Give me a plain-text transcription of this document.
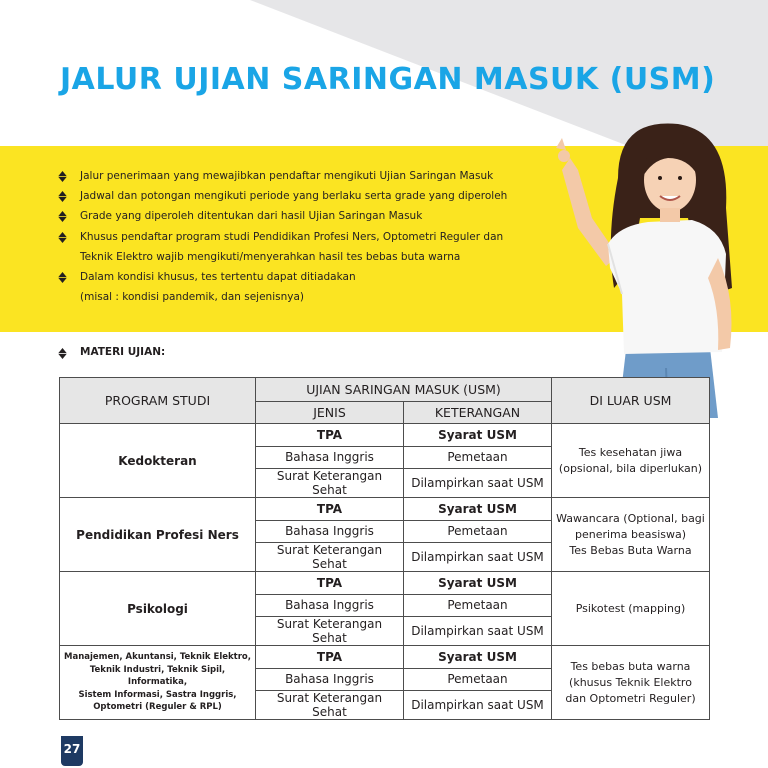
JALUR UJIAN SARINGAN MASUK (USM)
Jalur penerimaan yang mewajibkan pendaftar mengikuti Ujian Saringan Masuk
Jadwal dan potongan mengikuti periode yang berlaku serta grade yang diperoleh
Grade yang diperoleh ditentukan dari hasil Ujian Saringan Masuk
Khusus pendaftar program studi Pendidikan Profesi Ners, Optometri Reguler dan
Teknik Elektro wajib mengikuti/menyerahkan hasil tes bebas buta warna
Dalam kondisi khusus, tes tertentu dapat ditiadakan
(misal : kondisi pandemik, dan sejenisnya)
MATERI UJIAN:
PROGRAM STUDI	UJIAN SARINGAN MASUK (USM)		DI LUAR USM
	JENIS	KETERANGAN	
Kedokteran	TPA	Syarat USM	Tes kesehatan jiwa
(opsional, bila diperlukan)
	Bahasa Inggris	Pemetaan	
	Surat Keterangan Sehat	Dilampirkan saat USM	
Pendidikan Profesi Ners	TPA	Syarat USM	Wawancara (Optional, bagi
penerima beasiswa)
Tes Bebas Buta Warna
	Bahasa Inggris	Pemetaan	
	Surat Keterangan Sehat	Dilampirkan saat USM	
Psikologi	TPA	Syarat USM	Psikotest (mapping)
	Bahasa Inggris	Pemetaan	
	Surat Keterangan Sehat	Dilampirkan saat USM	
Manajemen, Akuntansi, Teknik Elektro,
Teknik Industri, Teknik Sipil, Informatika,
Sistem Informasi, Sastra Inggris,
Optometri (Reguler & RPL)	TPA	Syarat USM	Tes bebas buta warna
(khusus Teknik Elektro
dan Optometri Reguler)
	Bahasa Inggris	Pemetaan	
	Surat Keterangan Sehat	Dilampirkan saat USM	
27
